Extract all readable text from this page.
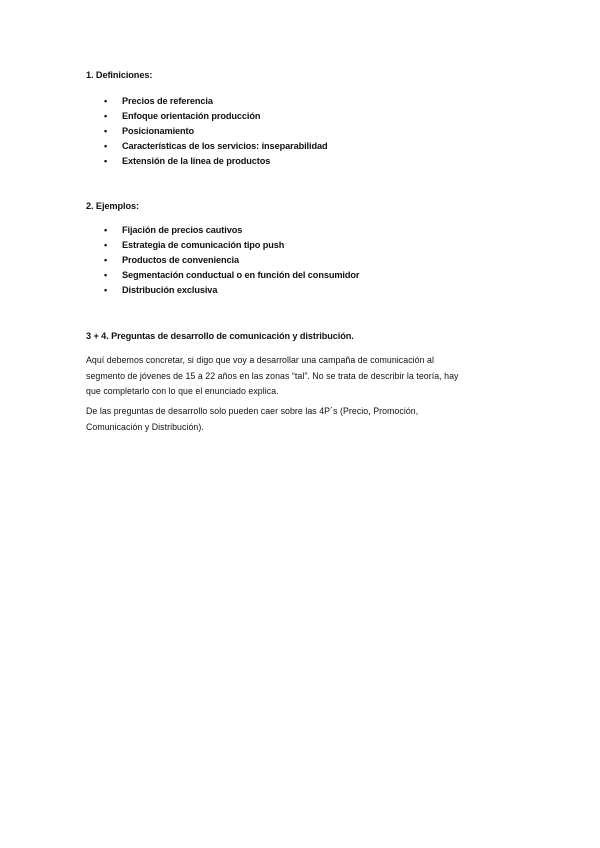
1. Definiciones:
• Precios de referencia
• Enfoque orientación producción
• Posicionamiento
• Características de los servicios: inseparabilidad
• Extensión de la línea de productos
2. Ejemplos:
• Fijación de precios cautivos
• Estrategia de comunicación tipo push
• Productos de conveniencia
• Segmentación conductual o en función del consumidor
• Distribución exclusiva
3 + 4. Preguntas de desarrollo de comunicación y distribución.

Aquí debemos concretar, si digo que voy a desarrollar una campaña de comunicación al
segmento de jóvenes de 15 a 22 años en las zonas “tal”. No se trata de describir la teoría, hay
que completarlo con lo que el enunciado explica.

De las preguntas de desarrollo solo pueden caer sobre las 4P´s (Precio, Promoción,
Comunicación y Distribución).
